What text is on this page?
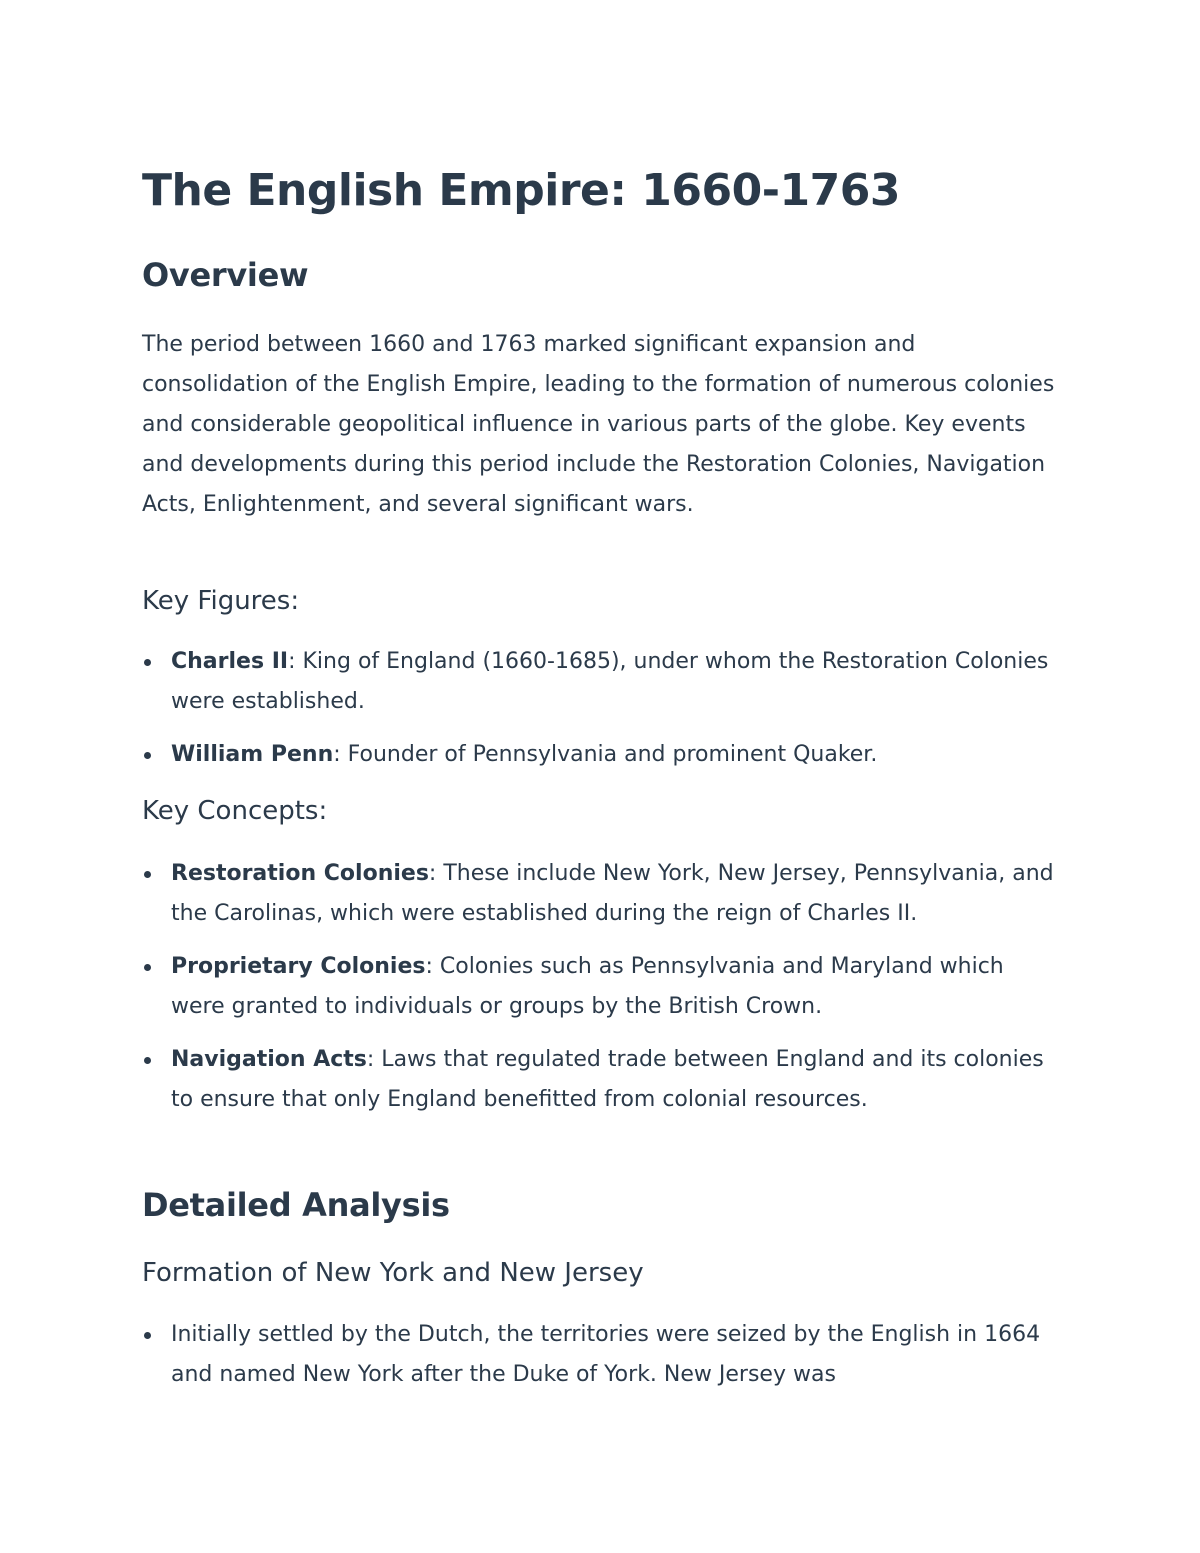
The English Empire: 1660-1763
Overview

The period between 1660 and 1763 marked significant expansion and consolidation of the English Empire, leading to the formation of numerous colonies and considerable geopolitical influence in various parts of the globe. Key events and developments during this period include the Restoration Colonies, Navigation Acts, Enlightenment, and several significant wars.

Key Figures:
Charles II: King of England (1660-1685), under whom the Restoration Colonies were established.
William Penn: Founder of Pennsylvania and prominent Quaker.
Key Concepts:
Restoration Colonies: These include New York, New Jersey, Pennsylvania, and the Carolinas, which were established during the reign of Charles II.
Proprietary Colonies: Colonies such as Pennsylvania and Maryland which were granted to individuals or groups by the British Crown.
Navigation Acts: Laws that regulated trade between England and its colonies to ensure that only England benefitted from colonial resources.
Detailed Analysis
Formation of New York and New Jersey
Initially settled by the Dutch, the territories were seized by the English in 1664 and named New York after the Duke of York. New Jersey was
